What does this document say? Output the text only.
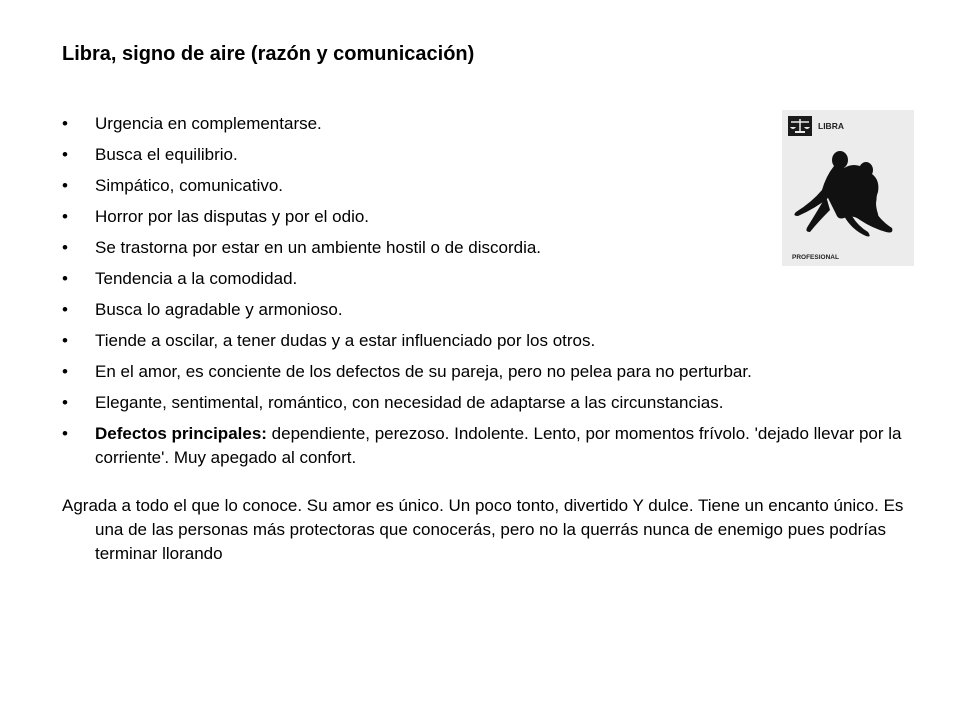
Libra, signo de aire (razón y comunicación)
•	Urgencia en complementarse.
•	Busca el equilibrio.
•	Simpático, comunicativo.
•	Horror por las disputas y por el odio.
•	Se trastorna por estar en un ambiente hostil o de discordia.
•	Tendencia a la comodidad.
•	Busca lo agradable y armonioso.
•	Tiende a oscilar, a tener dudas y a estar influenciado por los otros.
•	En el amor, es conciente de los defectos de su pareja, pero no pelea para no perturbar.
•	Elegante, sentimental, romántico, con necesidad de adaptarse a las circunstancias.
•	Defectos principales: dependiente, perezoso. Indolente. Lento, por momentos frívolo. 'dejado llevar por la corriente'. Muy apegado al confort.

Agrada a todo el que lo conoce. Su amor es único. Un poco tonto, divertido Y dulce. Tiene un encanto único. Es una de las personas más protectoras que conocerás, pero no la querrás nunca de enemigo pues podrías terminar llorando

LIBRA
PROFESIONAL
